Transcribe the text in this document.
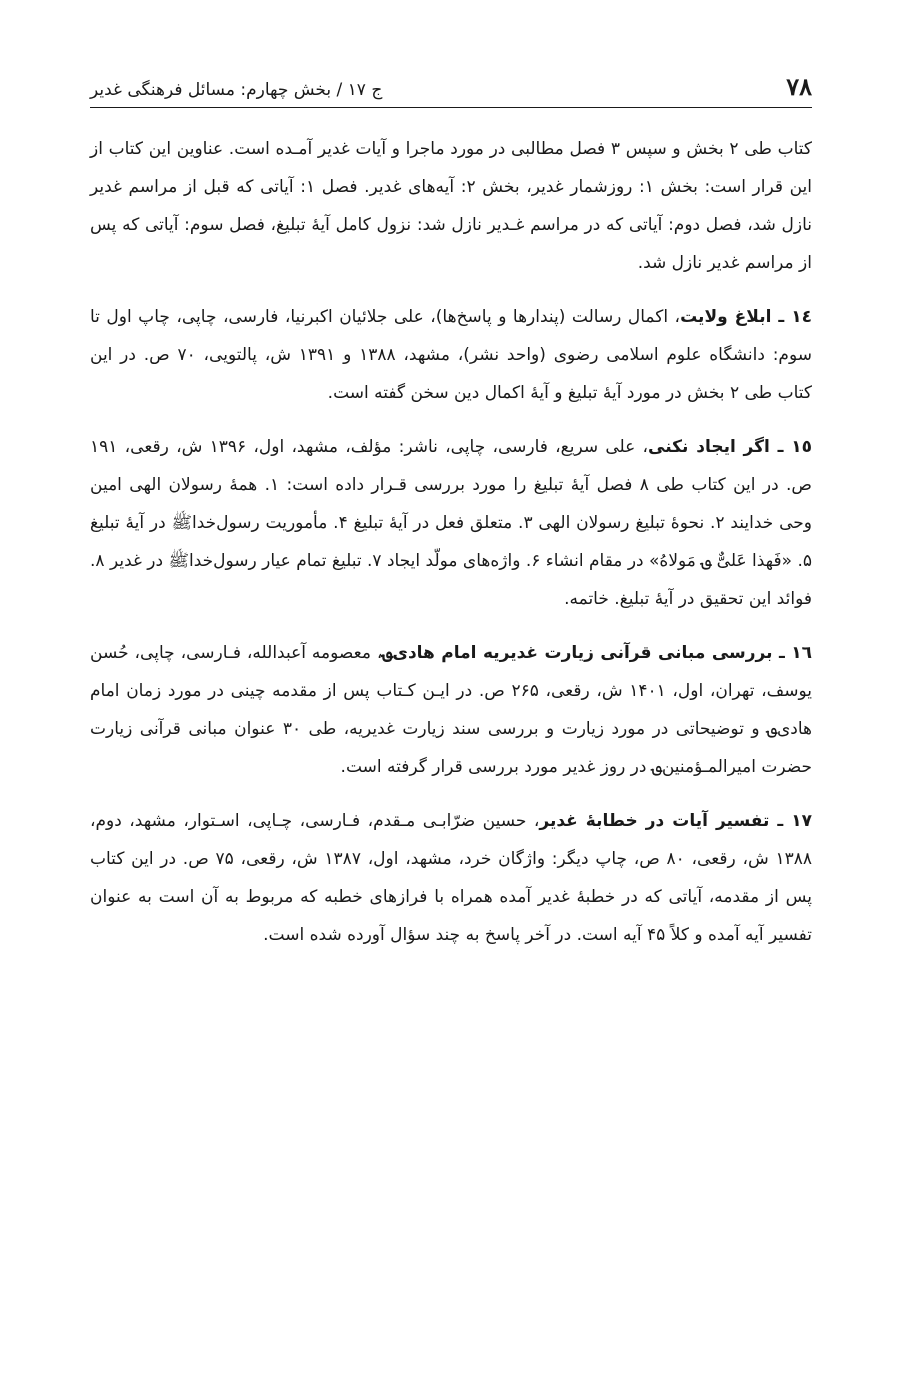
۷۸
ج ۱۷ / بخش چهارم: مسائل فرهنگی غدیر

کتاب طی ۲ بخش و سپس ۳ فصل مطالبی در مورد ماجرا و آیات غدیر آمـده است. عناوین این کتاب از این قرار است: بخش ۱: روزشمار غدیر، بخش ۲: آیه‌های غدیر. فصل ۱: آیاتی که قبل از مراسم غدیر نازل شد، فصل دوم: آیاتی که در مراسم غـدیر نازل شد: نزول کامل آیهٔ تبلیغ، فصل سوم: آیاتی که پس از مراسم غدیر نازل شد.

١٤ ـ ابلاغ ولایت، اکمال رسالت (پندارها و پاسخ‌ها)، علی جلائیان اکبرنیا، فارسی، چاپی، چاپ اول تا سوم: دانشگاه علوم اسلامی رضوی (واحد نشر)، مشهد، ۱۳۸۸ و ۱۳۹۱ ش، پالتویی، ۷۰ ص. در این کتاب طی ۲ بخش در مورد آیهٔ تبلیغ و آیهٔ اکمال دین سخن گفته است.

١٥ ـ اگر ایجاد نکنی، علی سریع، فارسی، چاپی، ناشر: مؤلف، مشهد، اول، ۱۳۹۶ ش، رقعی، ۱۹۱ ص. در این کتاب طی ۸ فصل آیهٔ تبلیغ را مورد بررسی قـرار داده است: ۱. همهٔ رسولان الهی امین وحی خدایند ۲. نحوهٔ تبلیغ رسولان الهی ۳. متعلق فعل در آیهٔ تبلیغ ۴. مأموریت رسول‌خدا‌ﷺ در آیهٔ تبلیغ ۵. «فَهذا عَلیٌّ ؈ مَولاهُ» در مقام انشاء ۶. واژه‌های مولّد ایجاد ۷. تبلیغ تمام عیار رسول‌خدا‌ﷺ در غدیر ۸. فوائد این تحقیق در آیهٔ تبلیغ. خاتمه.

١٦ ـ بررسی مبانی قرآنی زیارت غدیریه امام هادی؈، معصومه آعبدالله، فـارسی، چاپی، حُسن یوسف، تهران، اول، ۱۴۰۱ ش، رقعی، ۲۶۵ ص. در ایـن کـتاب پس از مقدمه چینی در مورد زمان امام هادی؈ و توضیحاتی در مورد زیارت و بررسی سند زیارت غدیریه، طی ۳۰ عنوان مبانی قرآنی زیارت حضرت امیرالمـؤمنین؈ در روز غدیر مورد بررسی قرار گرفته است.

١٧ ـ تفسیر آیات در خطابهٔ غدیر، حسین ضرّابـی مـقدم، فـارسی، چـاپی، اسـتوار، مشهد، دوم، ۱۳۸۸ ش، رقعی، ۸۰ ص، چاپ دیگر: واژگان خرد، مشهد، اول، ۱۳۸۷ ش، رقعی، ۷۵ ص. در این کتاب پس از مقدمه، آیاتی که در خطبهٔ غدیر آمده همراه با فرازهای خطبه که مربوط به آن است به عنوان تفسیر آیه آمده و کلاً ۴۵ آیه است. در آخر پاسخ به چند سؤال آورده شده است.
